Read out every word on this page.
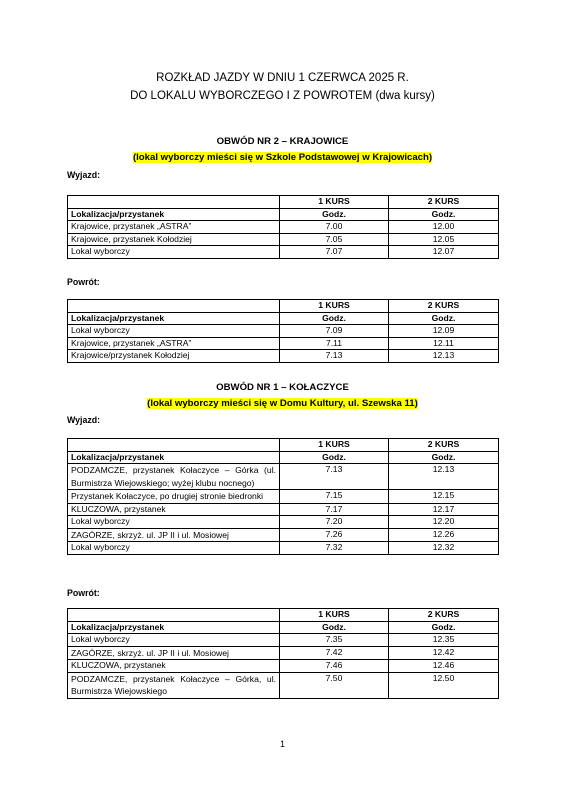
ROZKŁAD JAZDY W DNIU 1 CZERWCA 2025 R.
DO LOKALU WYBORCZEGO I Z POWROTEM (dwa kursy)
OBWÓD NR 2 – KRAJOWICE
(lokal wyborczy mieści się w Szkole Podstawowej w Krajowicach)
Wyjazd:
	1 KURS	2 KURS
Lokalizacja/przystanek	Godz.	Godz.
Krajowice, przystanek „ASTRA”	7.00	12.00
Krajowice, przystanek Kołodziej	7.05	12.05
Lokal wyborczy	7.07	12.07
Powrót:
	1 KURS	2 KURS
Lokalizacja/przystanek	Godz.	Godz.
Lokal wyborczy	7.09	12.09
Krajowice, przystanek „ASTRA”	7.11	12.11
Krajowice/przystanek Kołodziej	7.13	12.13
OBWÓD NR 1 – KOŁACZYCE
(lokal wyborczy mieści się w Domu Kultury, ul. Szewska 11)
Wyjazd:
	1 KURS	2 KURS
Lokalizacja/przystanek	Godz.	Godz.
PODZAMCZE, przystanek Kołaczyce – Górka (ul. Burmistrza Wiejowskiego; wyżej klubu nocnego)	7.13	12.13
Przystanek Kołaczyce, po drugiej stronie biedronki	7.15	12.15
KLUCZOWA, przystanek	7.17	12.17
Lokal wyborczy	7.20	12.20
ZAGÓRZE, skrzyż. ul. JP II i ul. Mosiowej	7.26	12.26
Lokal wyborczy	7.32	12.32
Powrót:
	1 KURS	2 KURS
Lokalizacja/przystanek	Godz.	Godz.
Lokal wyborczy	7.35	12.35
ZAGÓRZE, skrzyż. ul. JP II i ul. Mosiowej	7.42	12.42
KLUCZOWA, przystanek	7.46	12.46
PODZAMCZE, przystanek Kołaczyce – Górka, ul. Burmistrza Wiejowskiego	7.50	12.50
1
